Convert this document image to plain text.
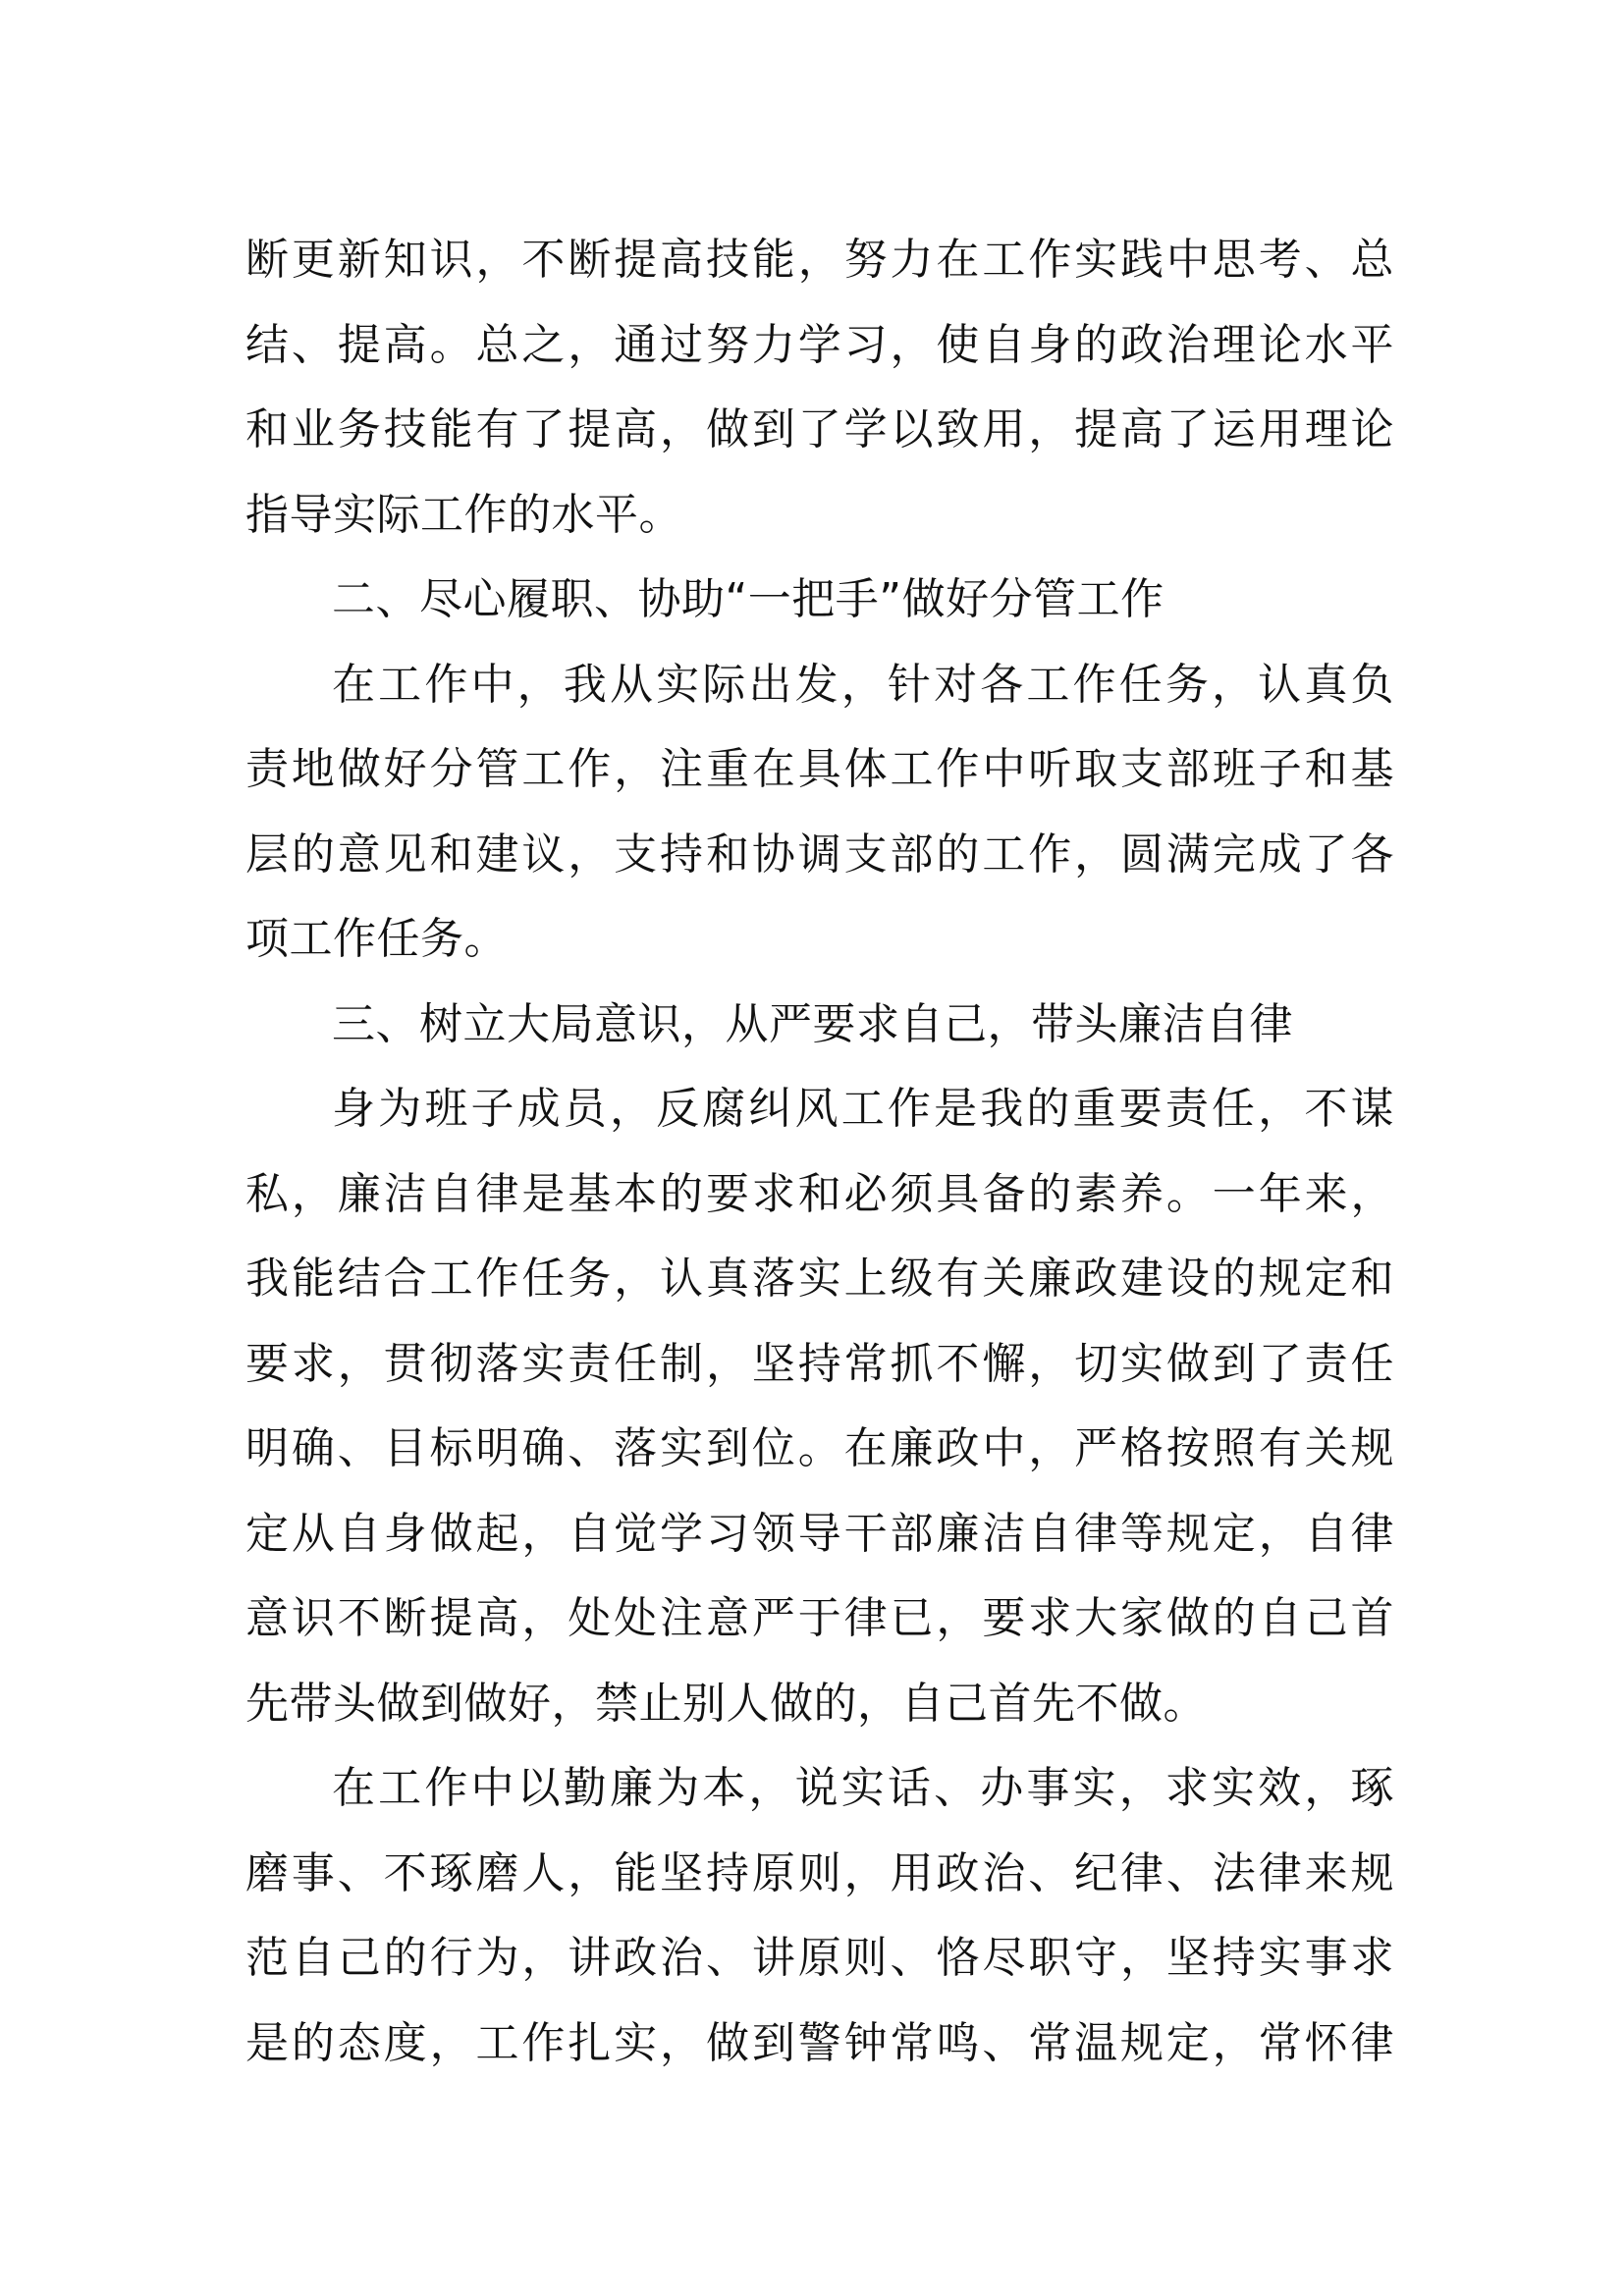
断更新知识，不断提高技能，努力在工作实践中思考、总
结、提高。总之，通过努力学习，使自身的政治理论水平
和业务技能有了提高，做到了学以致用，提高了运用理论
指导实际工作的水平。
二、尽心履职、协助“一把手”做好分管工作
在工作中，我从实际出发，针对各工作任务，认真负
责地做好分管工作，注重在具体工作中听取支部班子和基
层的意见和建议，支持和协调支部的工作，圆满完成了各
项工作任务。
三、树立大局意识，从严要求自己，带头廉洁自律
身为班子成员，反腐纠风工作是我的重要责任，不谋
私，廉洁自律是基本的要求和必须具备的素养。一年来，
我能结合工作任务，认真落实上级有关廉政建设的规定和
要求，贯彻落实责任制，坚持常抓不懈，切实做到了责任
明确、目标明确、落实到位。在廉政中，严格按照有关规
定从自身做起，自觉学习领导干部廉洁自律等规定，自律
意识不断提高，处处注意严于律已，要求大家做的自己首
先带头做到做好，禁止别人做的，自己首先不做。
在工作中以勤廉为本，说实话、办事实，求实效，琢
磨事、不琢磨人，能坚持原则，用政治、纪律、法律来规
范自己的行为，讲政治、讲原则、恪尽职守，坚持实事求
是的态度，工作扎实，做到警钟常鸣、常温规定，常怀律
